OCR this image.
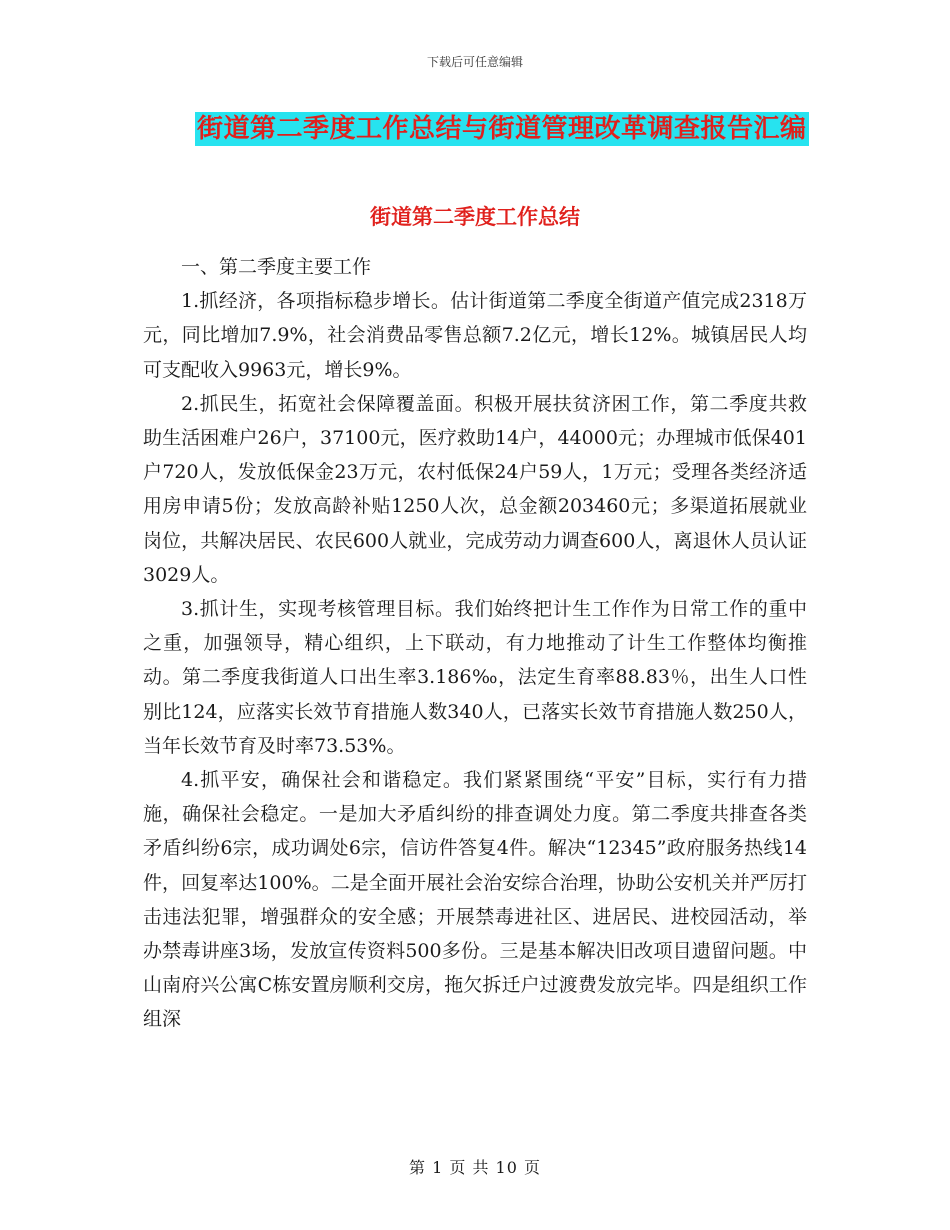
下载后可任意编辑
街道第二季度工作总结与街道管理改革调查报告汇编
街道第二季度工作总结

一、第二季度主要工作

1.抓经济，各项指标稳步增长。估计街道第二季度全街道产值完成2318万元，同比增加7.9%，社会消费品零售总额7.2亿元，增长12%。城镇居民人均可支配收入9963元，增长9%。

2.抓民生，拓宽社会保障覆盖面。积极开展扶贫济困工作，第二季度共救助生活困难户26户，37100元，医疗救助14户，44000元；办理城市低保401户720人，发放低保金23万元，农村低保24户59人，1万元；受理各类经济适用房申请5份；发放高龄补贴1250人次，总金额203460元；多渠道拓展就业岗位，共解决居民、农民600人就业，完成劳动力调查600人，离退休人员认证3029人。

3.抓计生，实现考核管理目标。我们始终把计生工作作为日常工作的重中之重，加强领导，精心组织，上下联动，有力地推动了计生工作整体均衡推动。第二季度我街道人口出生率3.186‰，法定生育率88.83％，出生人口性别比124，应落实长效节育措施人数340人，已落实长效节育措施人数250人，当年长效节育及时率73.53%。

4.抓平安，确保社会和谐稳定。我们紧紧围绕“平安”目标，实行有力措施，确保社会稳定。一是加大矛盾纠纷的排查调处力度。第二季度共排查各类矛盾纠纷6宗，成功调处6宗，信访件答复4件。解决“12345”政府服务热线14件，回复率达100%。二是全面开展社会治安综合治理，协助公安机关并严厉打击违法犯罪，增强群众的安全感；开展禁毒进社区、进居民、进校园活动，举办禁毒讲座3场，发放宣传资料500多份。三是基本解决旧改项目遗留问题。中山南府兴公寓C栋安置房顺利交房，拖欠拆迁户过渡费发放完毕。四是组织工作组深

第 1 页 共 10 页
